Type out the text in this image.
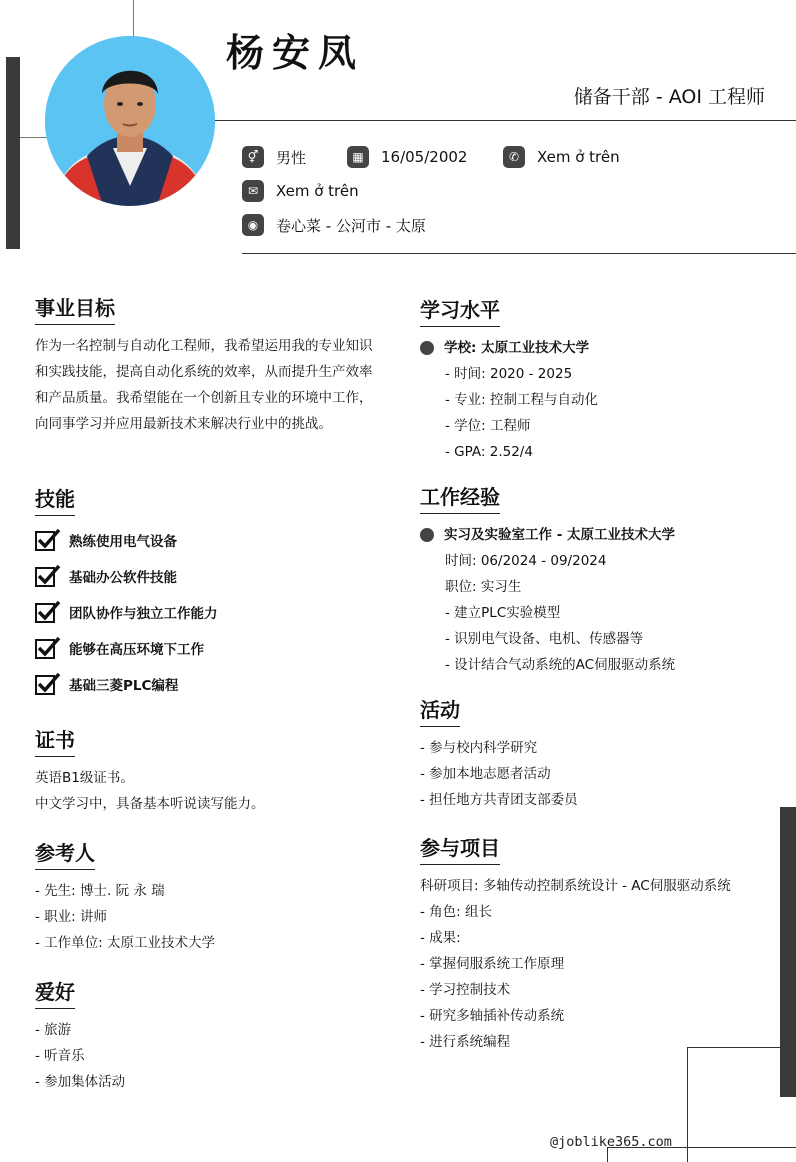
杨安凤
储备干部 - AOI 工程师
⚥	男性	▦	16/05/2002	✆	Xem ở trên
✉	Xem ở trên
◉	卷心菜 - 公河市 - 太原
事业目标

作为一名控制与自动化工程师，我希望运用我的专业知识和实践技能，提高自动化系统的效率，从而提升生产效率和产品质量。我希望能在一个创新且专业的环境中工作，向同事学习并应用最新技术来解决行业中的挑战。

技能
熟练使用电气设备
基础办公软件技能
团队协作与独立工作能力
能够在高压环境下工作
基础三菱PLC编程
证书
英语B1级证书。
中文学习中，具备基本听说读写能力。
参考人
- 先生: 博士. 阮 永 瑞
- 职业: 讲师
- 工作单位: 太原工业技术大学
爱好
- 旅游
- 听音乐
- 参加集体活动
学习水平
学校: 太原工业技术大学
- 时间: 2020 - 2025
- 专业: 控制工程与自动化
- 学位: 工程师
- GPA: 2.52/4
工作经验
实习及实验室工作 - 太原工业技术大学
时间: 06/2024 - 09/2024
职位: 实习生
- 建立PLC实验模型
- 识别电气设备、电机、传感器等
- 设计结合气动系统的AC伺服驱动系统
活动
- 参与校内科学研究
- 参加本地志愿者活动
- 担任地方共青团支部委员
参与项目
科研项目: 多轴传动控制系统设计 - AC伺服驱动系统
- 角色: 组长
- 成果:
- 掌握伺服系统工作原理
- 学习控制技术
- 研究多轴插补传动系统
- 进行系统编程
@joblike365.com
